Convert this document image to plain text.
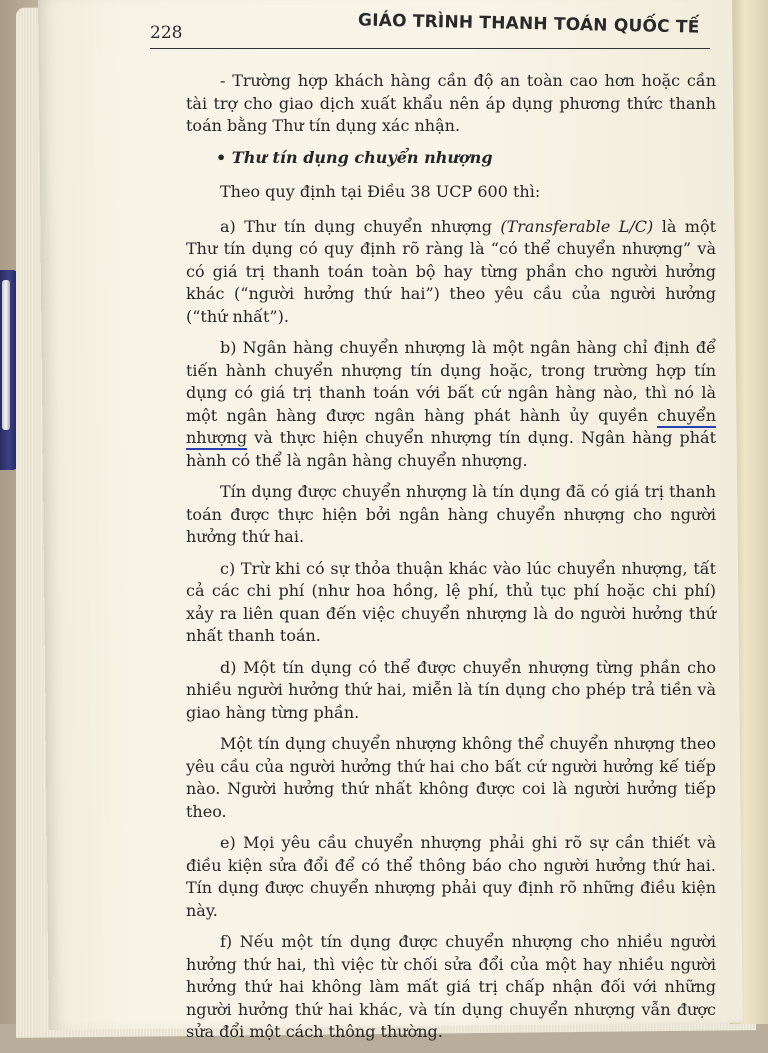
228	GIÁO TRÌNH THANH TOÁN QUỐC TẾ

- Trường hợp khách hàng cần độ an toàn cao hơn hoặc cần tài trợ cho giao dịch xuất khẩu nên áp dụng phương thức thanh toán bằng Thư tín dụng xác nhận.

• Thư tín dụng chuyển nhượng

Theo quy định tại Điều 38 UCP 600 thì:

a) Thư tín dụng chuyển nhượng (Transferable L/C) là một Thư tín dụng có quy định rõ ràng là “có thể chuyển nhượng” và có giá trị thanh toán toàn bộ hay từng phần cho người hưởng khác (“người hưởng thứ hai”) theo yêu cầu của người hưởng (“thứ nhất”).

b) Ngân hàng chuyển nhượng là một ngân hàng chỉ định để tiến hành chuyển nhượng tín dụng hoặc, trong trường hợp tín dụng có giá trị thanh toán với bất cứ ngân hàng nào, thì nó là một ngân hàng được ngân hàng phát hành ủy quyền chuyển nhượng và thực hiện chuyển nhượng tín dụng. Ngân hàng phát hành có thể là ngân hàng chuyển nhượng.

Tín dụng được chuyển nhượng là tín dụng đã có giá trị thanh toán được thực hiện bởi ngân hàng chuyển nhượng cho người hưởng thứ hai.

c) Trừ khi có sự thỏa thuận khác vào lúc chuyển nhượng, tất cả các chi phí (như hoa hồng, lệ phí, thủ tục phí hoặc chi phí) xảy ra liên quan đến việc chuyển nhượng là do người hưởng thứ nhất thanh toán.

d) Một tín dụng có thể được chuyển nhượng từng phần cho nhiều người hưởng thứ hai, miễn là tín dụng cho phép trả tiền và giao hàng từng phần.

Một tín dụng chuyển nhượng không thể chuyển nhượng theo yêu cầu của người hưởng thứ hai cho bất cứ người hưởng kế tiếp nào. Người hưởng thứ nhất không được coi là người hưởng tiếp theo.

e) Mọi yêu cầu chuyển nhượng phải ghi rõ sự cần thiết và điều kiện sửa đổi để có thể thông báo cho người hưởng thứ hai. Tín dụng được chuyển nhượng phải quy định rõ những điều kiện này.

f) Nếu một tín dụng được chuyển nhượng cho nhiều người hưởng thứ hai, thì việc từ chối sửa đổi của một hay nhiều người hưởng thứ hai không làm mất giá trị chấp nhận đối với những người hưởng thứ hai khác, và tín dụng chuyển nhượng vẫn được sửa đổi một cách thông thường.
